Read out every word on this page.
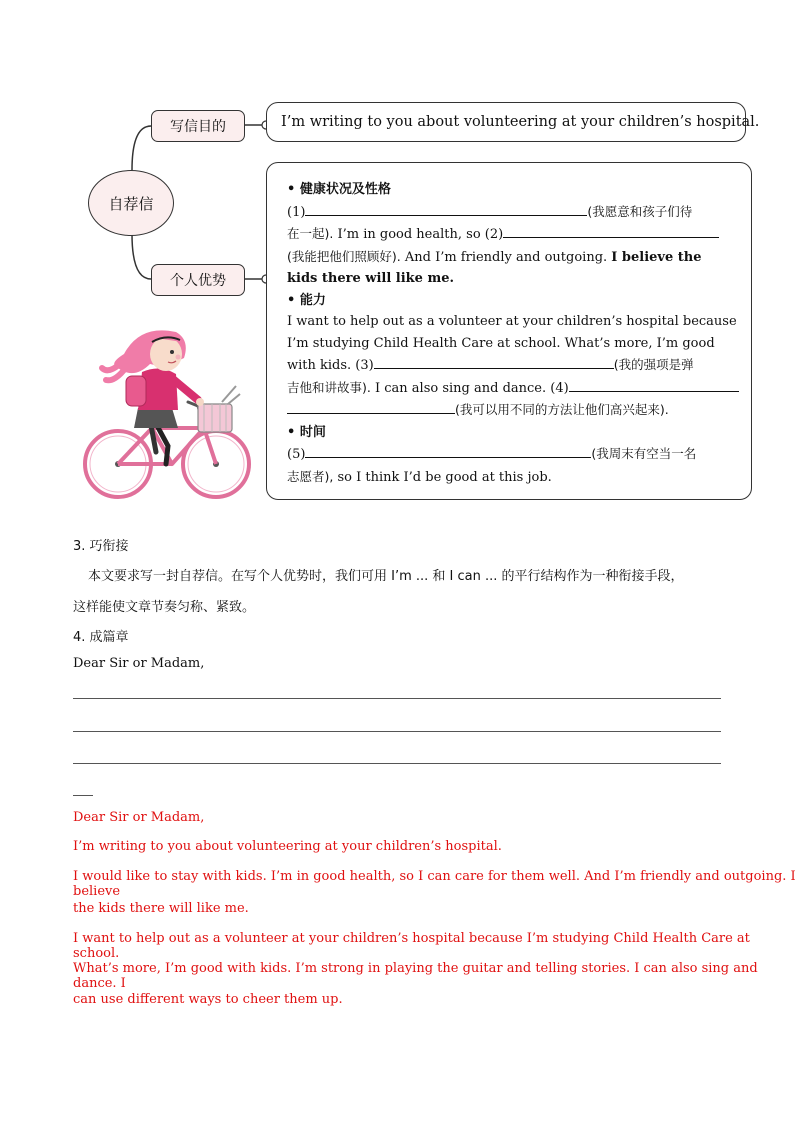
自荐信
写信目的
个人优势
I’m writing to you about volunteering at your children’s hospital.
• 健康状况及性格
(1)	(我愿意和孩子们待
在一起). I’m in good health, so (2)
(我能把他们照顾好). And I’m friendly and outgoing. I believe the
kids there will like me.
• 能力
I want to help out as a volunteer at your children’s hospital because
I’m studying Child Health Care at school. What’s more, I’m good
with kids. (3)	(我的强项是弹
吉他和讲故事). I can also sing and dance. (4)
(我可以用不同的方法让他们高兴起来).
• 时间
(5)	(我周末有空当一名
志愿者), so I think I’d be good at this job.
3. 巧衔接
本文要求写一封自荐信。在写个人优势时，我们可用 I’m ... 和 I can ... 的平行结构作为一种衔接手段，
这样能使文章节奏匀称、紧致。
4. 成篇章
Dear Sir or Madam,
Dear Sir or Madam,
I’m writing to you about volunteering at your children’s hospital.
I would like to stay with kids. I’m in good health, so I can care for them well. And I’m friendly and outgoing. I believe
the kids there will like me.
I want to help out as a volunteer at your children’s hospital because I’m studying Child Health Care at school.
What’s more, I’m good with kids. I’m strong in playing the guitar and telling stories. I can also sing and dance. I
can use different ways to cheer them up.
